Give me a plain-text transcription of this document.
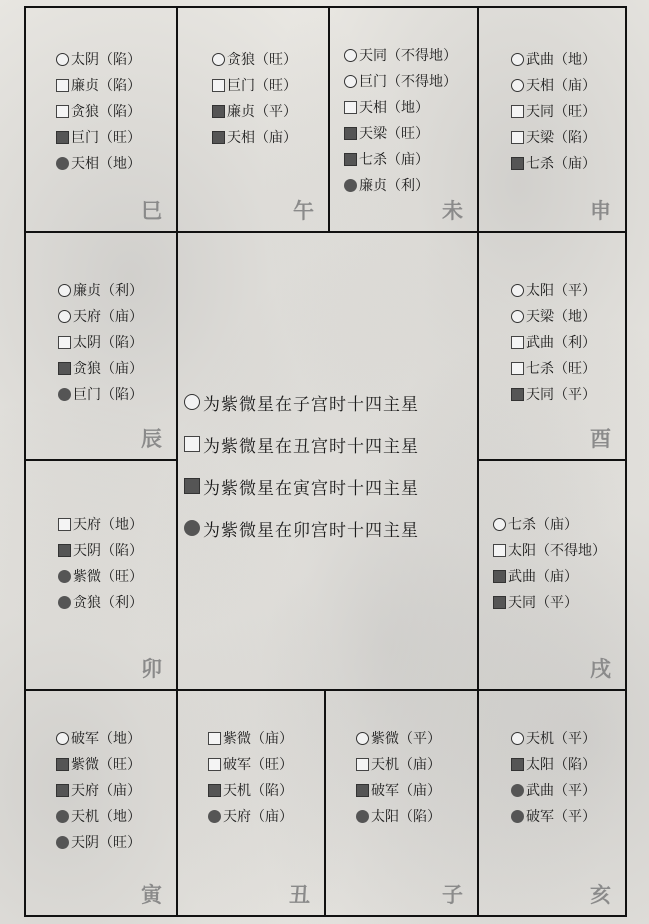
为紫微星在子宫时十四主星
为紫微星在丑宫时十四主星
为紫微星在寅宫时十四主星
为紫微星在卯宫时十四主星
太阴 （陷）
廉贞 （陷）
贪狼 （陷）
巨门 （旺）
天相 （地）
巳
贪狼 （旺）
巨门 （旺）
廉贞 （平）
天相 （庙）
午
天同 （不得地）
巨门 （不得地）
天相 （地）
天梁 （旺）
七杀 （庙）
廉贞 （利）
未
武曲 （地）
天相 （庙）
天同 （旺）
天梁 （陷）
七杀 （庙）
申
廉贞 （利）
天府 （庙）
太阴 （陷）
贪狼 （庙）
巨门 （陷）
辰
太阳 （平）
天梁 （地）
武曲 （利）
七杀 （旺）
天同 （平）
酉
天府 （地）
天阴 （陷）
紫微 （旺）
贪狼 （利）
卯
七杀 （庙）
太阳 （不得地）
武曲 （庙）
天同 （平）
戌
破军 （地）
紫微 （旺）
天府 （庙）
天机 （地）
天阴 （旺）
寅
紫微 （庙）
破军 （旺）
天机 （陷）
天府 （庙）
丑
紫微 （平）
天机 （庙）
破军 （庙）
太阳 （陷）
子
天机 （平）
太阳 （陷）
武曲 （平）
破军 （平）
亥
